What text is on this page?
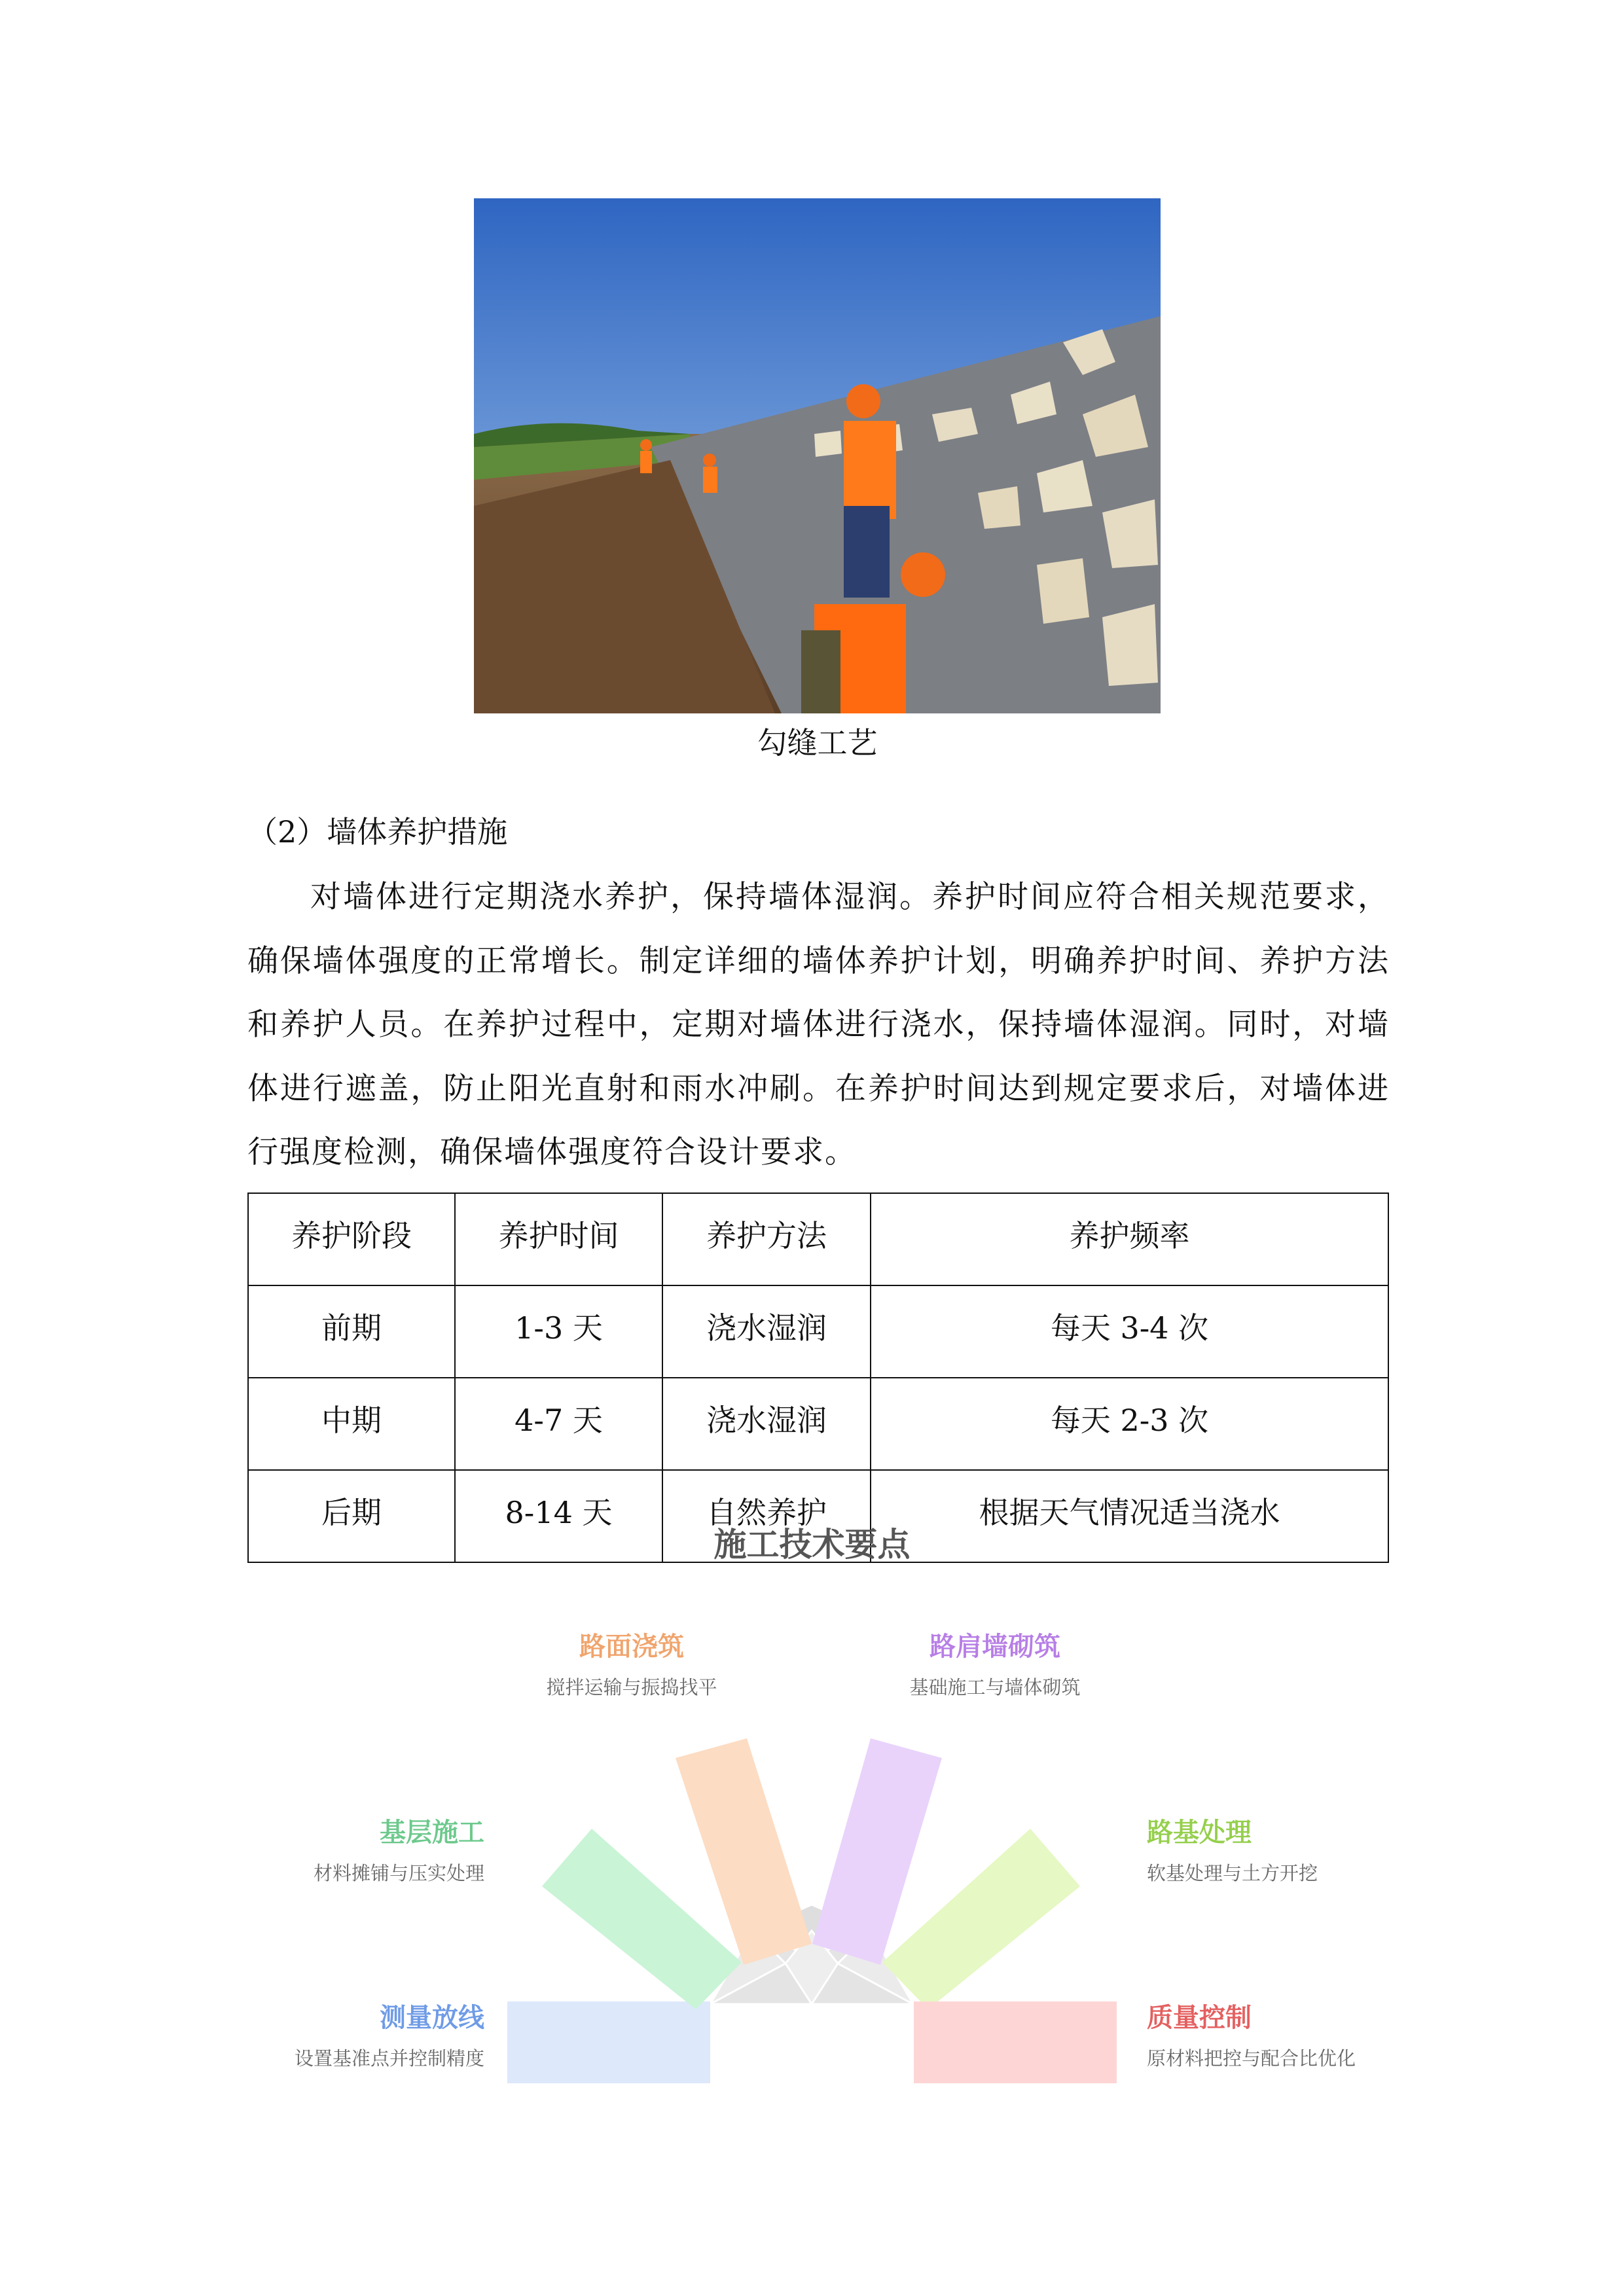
勾缝工艺
（2）墙体养护措施

对墙体进行定期浇水养护，保持墙体湿润。养护时间应符合相关规范要求，确保墙体强度的正常增长。制定详细的墙体养护计划，明确养护时间、养护方法和养护人员。在养护过程中，定期对墙体进行浇水，保持墙体湿润。同时，对墙体进行遮盖，防止阳光直射和雨水冲刷。在养护时间达到规定要求后，对墙体进行强度检测，确保墙体强度符合设计要求。

养护阶段	养护时间	养护方法	养护频率
前期	1-3 天	浇水湿润	每天 3-4 次
中期	4-7 天	浇水湿润	每天 2-3 次
后期	8-14 天	自然养护	根据天气情况适当浇水
施工技术要点
测量放线
设置基准点并控制精度
基层施工
材料摊铺与压实处理
路面浇筑
搅拌运输与振捣找平
路肩墙砌筑
基础施工与墙体砌筑
路基处理
软基处理与土方开挖
质量控制
原材料把控与配合比优化
